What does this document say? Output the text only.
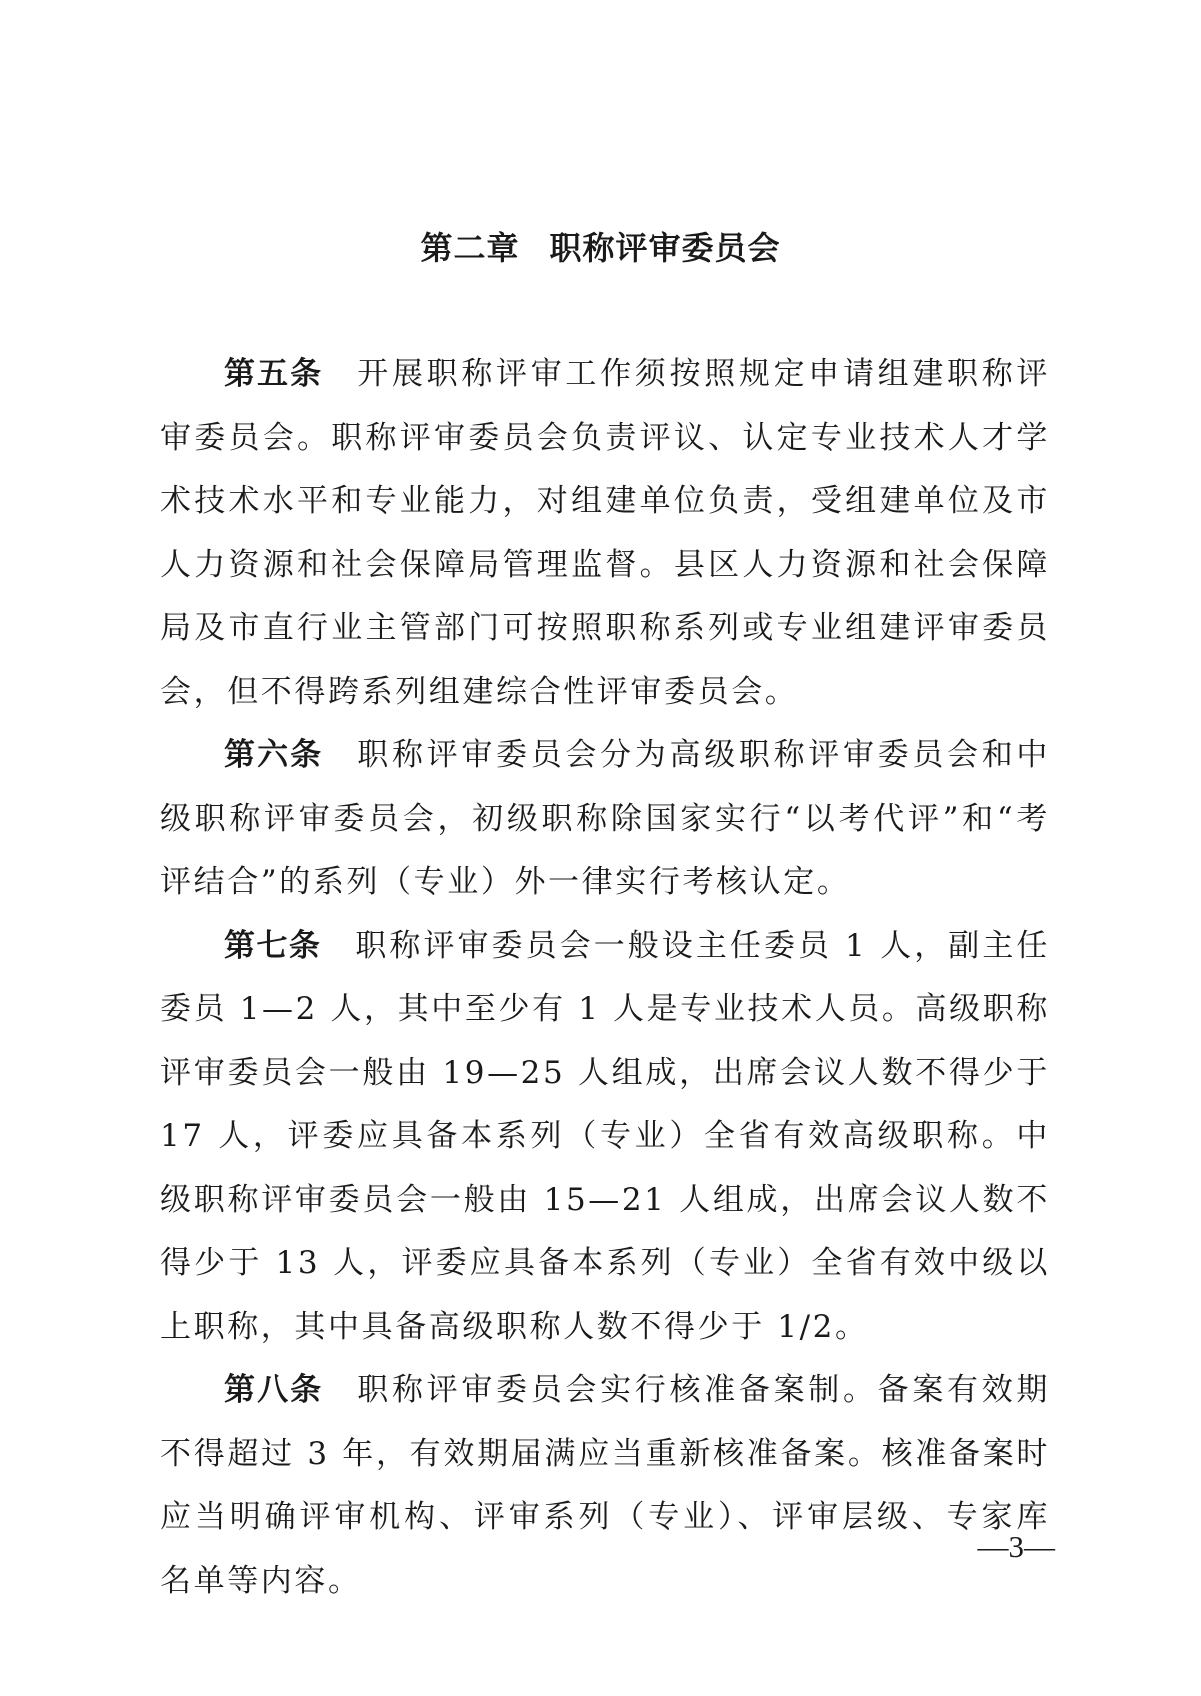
第二章 职称评审委员会

第五条 开展职称评审工作须按照规定申请组建职称评审委员会。职称评审委员会负责评议、认定专业技术人才学术技术水平和专业能力，对组建单位负责，受组建单位及市人力资源和社会保障局管理监督。县区人力资源和社会保障局及市直行业主管部门可按照职称系列或专业组建评审委员会，但不得跨系列组建综合性评审委员会。

第六条 职称评审委员会分为高级职称评审委员会和中级职称评审委员会，初级职称除国家实行“以考代评”和“考评结合”的系列（专业）外一律实行考核认定。

第七条 职称评审委员会一般设主任委员 1 人，副主任委员 1—2 人，其中至少有 1 人是专业技术人员。高级职称评审委员会一般由 19—25 人组成，出席会议人数不得少于 17 人，评委应具备本系列（专业）全省有效高级职称。中级职称评审委员会一般由 15—21 人组成，出席会议人数不得少于 13 人，评委应具备本系列（专业）全省有效中级以上职称，其中具备高级职称人数不得少于 1/2。

第八条 职称评审委员会实行核准备案制。备案有效期不得超过 3 年，有效期届满应当重新核准备案。核准备案时应当明确评审机构、评审系列（专业）、评审层级、专家库名单等内容。

—3—
